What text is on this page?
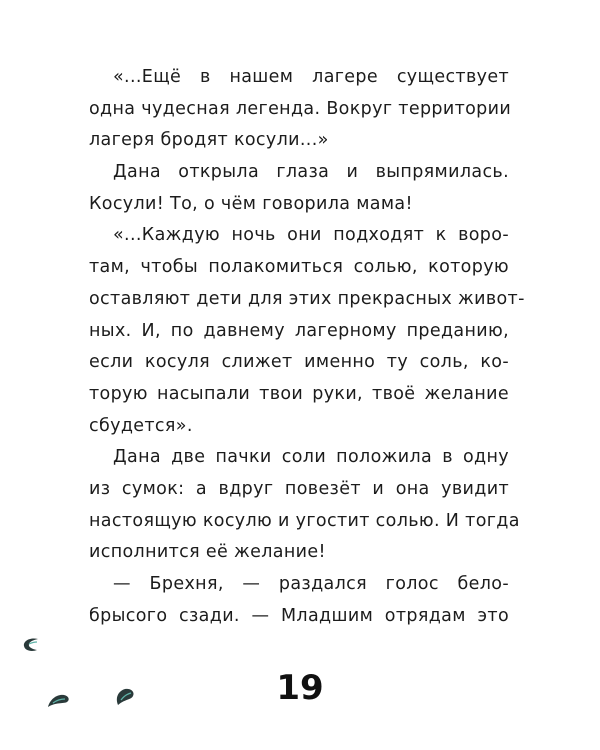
«...Ещё в нашем лагере существует
одна чудесная легенда. Вокруг территории
лагеря бродят косули...»
Дана открыла глаза и выпрямилась.
Косули! То, о чём говорила мама!
«...Каждую ночь они подходят к воро-
там, чтобы полакомиться солью, которую
оставляют дети для этих прекрасных живот-
ных. И, по давнему лагерному преданию,
если косуля слижет именно ту соль, ко-
торую насыпали твои руки, твоё желание
сбудется».
Дана две пачки соли положила в одну
из сумок: а вдруг повезёт и она увидит
настоящую косулю и угостит солью. И тогда
исполнится её желание!
— Брехня, — раздался голос бело-
брысого сзади. — Младшим отрядам это
19
